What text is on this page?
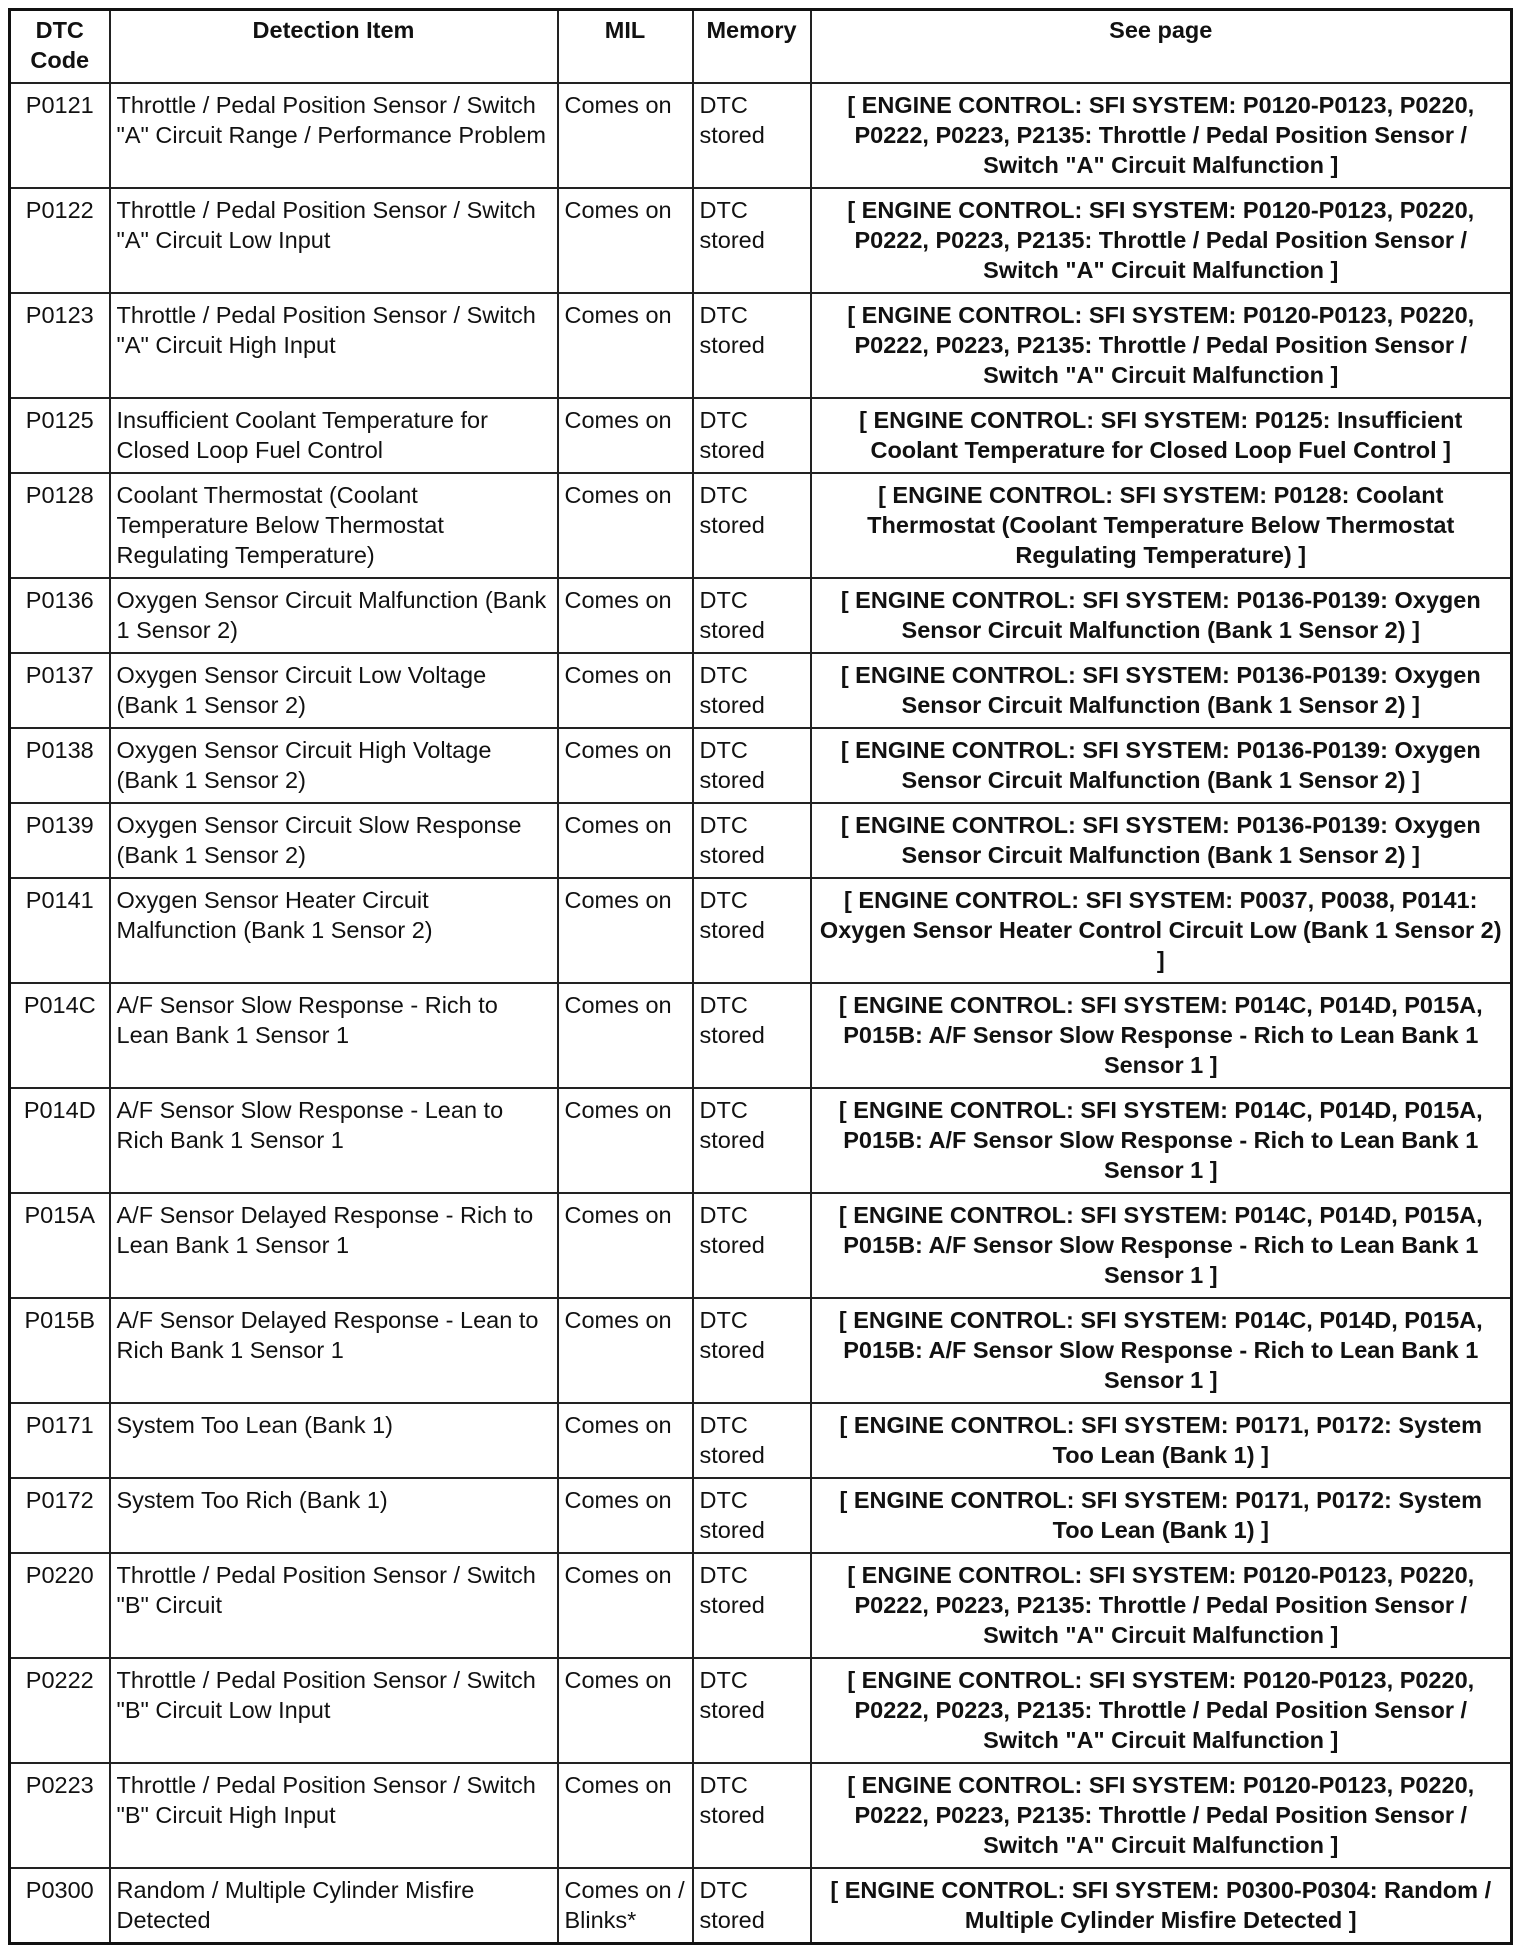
DTC Code	Detection Item	MIL	Memory	See page
P0121	Throttle / Pedal Position Sensor / Switch "A" Circuit Range / Performance Problem	Comes on	DTC stored	[ ENGINE CONTROL: SFI SYSTEM: P0120-P0123, P0220, P0222, P0223, P2135: Throttle / Pedal Position Sensor / Switch "A" Circuit Malfunction ]
P0122	Throttle / Pedal Position Sensor / Switch "A" Circuit Low Input	Comes on	DTC stored	[ ENGINE CONTROL: SFI SYSTEM: P0120-P0123, P0220, P0222, P0223, P2135: Throttle / Pedal Position Sensor / Switch "A" Circuit Malfunction ]
P0123	Throttle / Pedal Position Sensor / Switch "A" Circuit High Input	Comes on	DTC stored	[ ENGINE CONTROL: SFI SYSTEM: P0120-P0123, P0220, P0222, P0223, P2135: Throttle / Pedal Position Sensor / Switch "A" Circuit Malfunction ]
P0125	Insufficient Coolant Temperature for Closed Loop Fuel Control	Comes on	DTC stored	[ ENGINE CONTROL: SFI SYSTEM: P0125: Insufficient Coolant Temperature for Closed Loop Fuel Control ]
P0128	Coolant Thermostat (Coolant Temperature Below Thermostat Regulating Temperature)	Comes on	DTC stored	[ ENGINE CONTROL: SFI SYSTEM: P0128: Coolant Thermostat (Coolant Temperature Below Thermostat Regulating Temperature) ]
P0136	Oxygen Sensor Circuit Malfunction (Bank 1 Sensor 2)	Comes on	DTC stored	[ ENGINE CONTROL: SFI SYSTEM: P0136-P0139: Oxygen Sensor Circuit Malfunction (Bank 1 Sensor 2) ]
P0137	Oxygen Sensor Circuit Low Voltage (Bank 1 Sensor 2)	Comes on	DTC stored	[ ENGINE CONTROL: SFI SYSTEM: P0136-P0139: Oxygen Sensor Circuit Malfunction (Bank 1 Sensor 2) ]
P0138	Oxygen Sensor Circuit High Voltage (Bank 1 Sensor 2)	Comes on	DTC stored	[ ENGINE CONTROL: SFI SYSTEM: P0136-P0139: Oxygen Sensor Circuit Malfunction (Bank 1 Sensor 2) ]
P0139	Oxygen Sensor Circuit Slow Response (Bank 1 Sensor 2)	Comes on	DTC stored	[ ENGINE CONTROL: SFI SYSTEM: P0136-P0139: Oxygen Sensor Circuit Malfunction (Bank 1 Sensor 2) ]
P0141	Oxygen Sensor Heater Circuit Malfunction (Bank 1 Sensor 2)	Comes on	DTC stored	[ ENGINE CONTROL: SFI SYSTEM: P0037, P0038, P0141: Oxygen Sensor Heater Control Circuit Low (Bank 1 Sensor 2) ]
P014C	A/F Sensor Slow Response - Rich to Lean Bank 1 Sensor 1	Comes on	DTC stored	[ ENGINE CONTROL: SFI SYSTEM: P014C, P014D, P015A, P015B: A/F Sensor Slow Response - Rich to Lean Bank 1 Sensor 1 ]
P014D	A/F Sensor Slow Response - Lean to Rich Bank 1 Sensor 1	Comes on	DTC stored	[ ENGINE CONTROL: SFI SYSTEM: P014C, P014D, P015A, P015B: A/F Sensor Slow Response - Rich to Lean Bank 1 Sensor 1 ]
P015A	A/F Sensor Delayed Response - Rich to Lean Bank 1 Sensor 1	Comes on	DTC stored	[ ENGINE CONTROL: SFI SYSTEM: P014C, P014D, P015A, P015B: A/F Sensor Slow Response - Rich to Lean Bank 1 Sensor 1 ]
P015B	A/F Sensor Delayed Response - Lean to Rich Bank 1 Sensor 1	Comes on	DTC stored	[ ENGINE CONTROL: SFI SYSTEM: P014C, P014D, P015A, P015B: A/F Sensor Slow Response - Rich to Lean Bank 1 Sensor 1 ]
P0171	System Too Lean (Bank 1)	Comes on	DTC stored	[ ENGINE CONTROL: SFI SYSTEM: P0171, P0172: System Too Lean (Bank 1) ]
P0172	System Too Rich (Bank 1)	Comes on	DTC stored	[ ENGINE CONTROL: SFI SYSTEM: P0171, P0172: System Too Lean (Bank 1) ]
P0220	Throttle / Pedal Position Sensor / Switch "B" Circuit	Comes on	DTC stored	[ ENGINE CONTROL: SFI SYSTEM: P0120-P0123, P0220, P0222, P0223, P2135: Throttle / Pedal Position Sensor / Switch "A" Circuit Malfunction ]
P0222	Throttle / Pedal Position Sensor / Switch "B" Circuit Low Input	Comes on	DTC stored	[ ENGINE CONTROL: SFI SYSTEM: P0120-P0123, P0220, P0222, P0223, P2135: Throttle / Pedal Position Sensor / Switch "A" Circuit Malfunction ]
P0223	Throttle / Pedal Position Sensor / Switch "B" Circuit High Input	Comes on	DTC stored	[ ENGINE CONTROL: SFI SYSTEM: P0120-P0123, P0220, P0222, P0223, P2135: Throttle / Pedal Position Sensor / Switch "A" Circuit Malfunction ]
P0300	Random / Multiple Cylinder Misfire Detected	Comes on / Blinks*	DTC stored	[ ENGINE CONTROL: SFI SYSTEM: P0300-P0304: Random / Multiple Cylinder Misfire Detected ]
